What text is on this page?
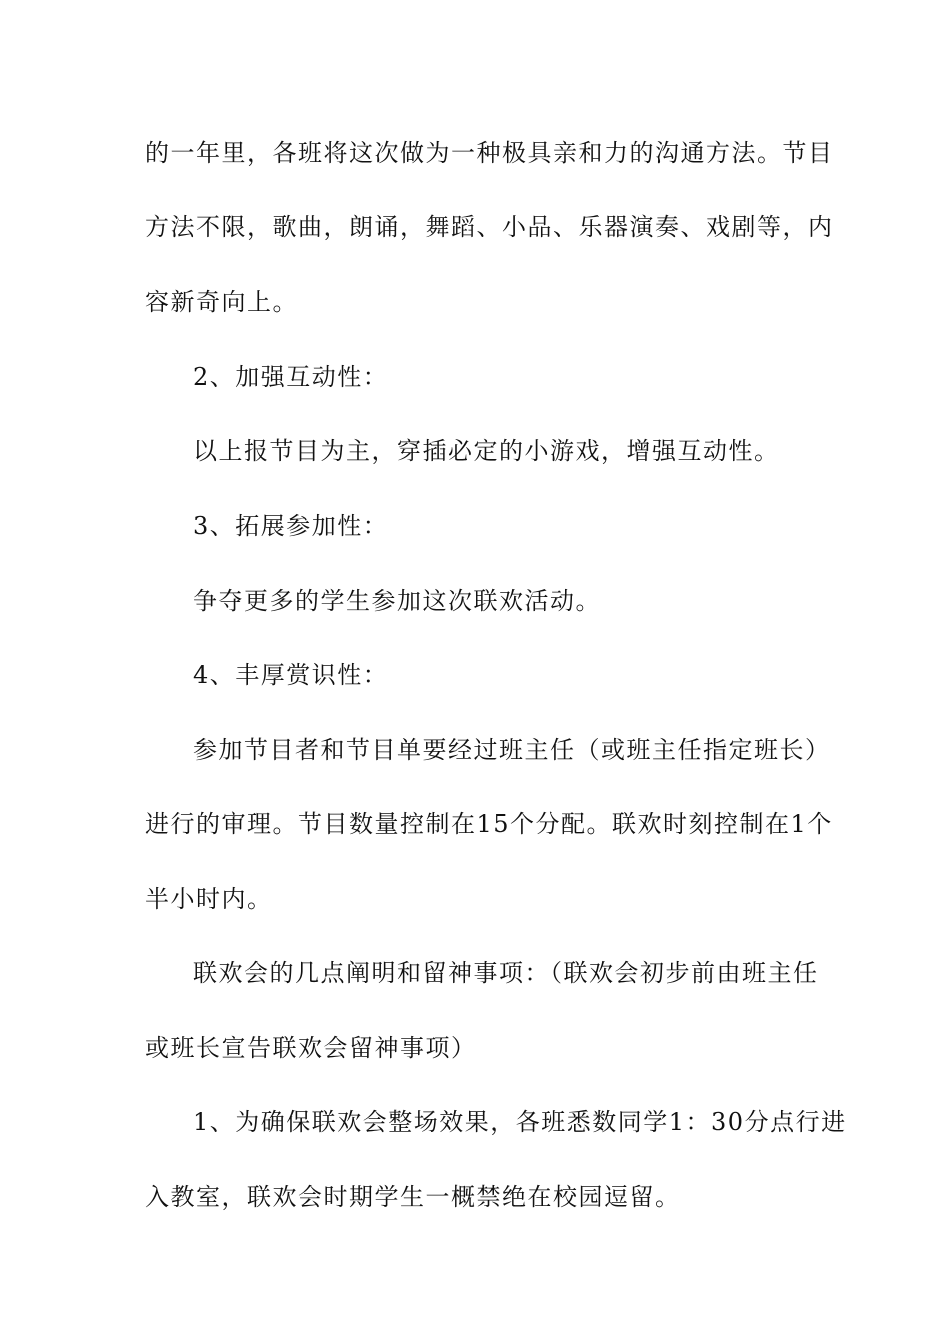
的一年里，各班将这次做为一种极具亲和力的沟通方法。节目

方法不限，歌曲，朗诵，舞蹈、小品、乐器演奏、戏剧等，内

容新奇向上。

2、加强互动性：

以上报节目为主，穿插必定的小游戏，增强互动性。

3、拓展参加性：

争夺更多的学生参加这次联欢活动。

4、丰厚赏识性：

参加节目者和节目单要经过班主任（或班主任指定班长）

进行的审理。节目数量控制在15个分配。联欢时刻控制在1个

半小时内。

联欢会的几点阐明和留神事项：（联欢会初步前由班主任

或班长宣告联欢会留神事项）

1、为确保联欢会整场效果，各班悉数同学1：30分点行进

入教室，联欢会时期学生一概禁绝在校园逗留。
